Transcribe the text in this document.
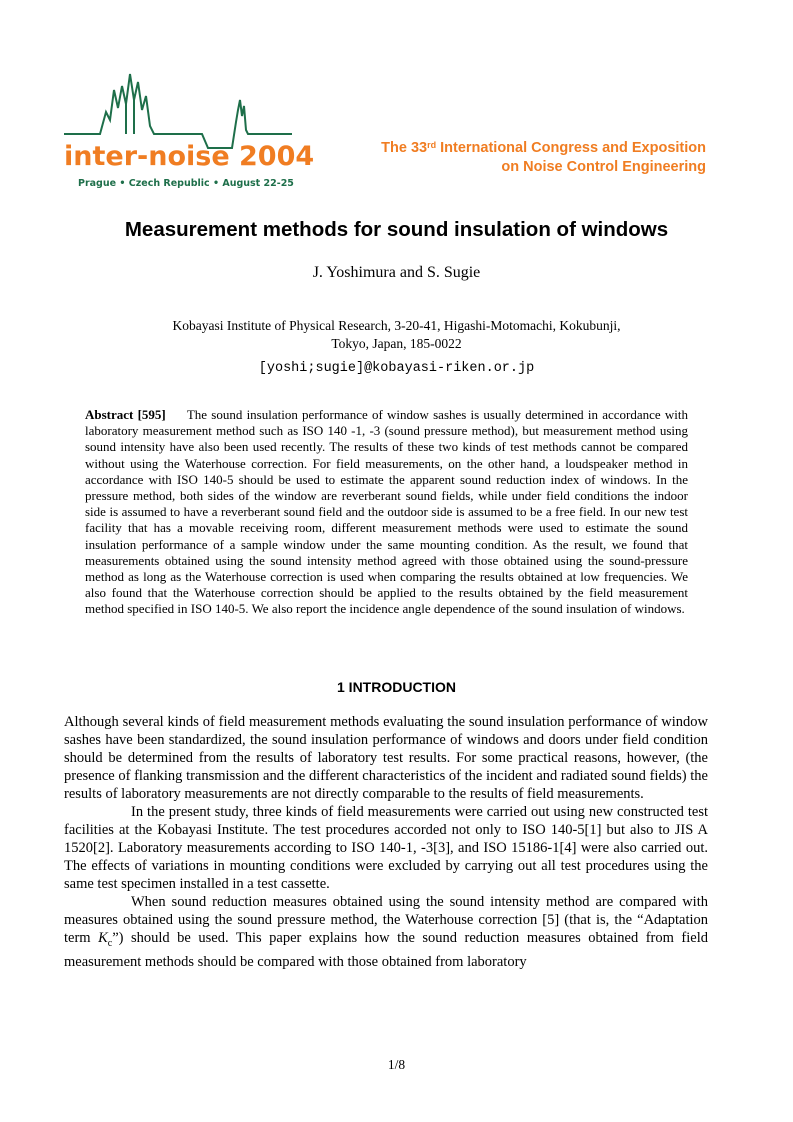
inter-noise 2004
Prague • Czech Republic • August 22-25
The 33rd International Congress and Exposition
on Noise Control Engineering
Measurement methods for sound insulation of windows
J. Yoshimura and S. Sugie
Kobayasi Institute of Physical Research, 3-20-41, Higashi-Motomachi, Kokubunji,
Tokyo, Japan, 185-0022
[yoshi;sugie]@kobayasi-riken.or.jp

Abstract [595] The sound insulation performance of window sashes is usually determined in accordance with laboratory measurement method such as ISO 140 -1, -3 (sound pressure method), but measurement method using sound intensity have also been used recently. The results of these two kinds of test methods cannot be compared without using the Waterhouse correction. For field measurements, on the other hand, a loudspeaker method in accordance with ISO 140-5 should be used to estimate the apparent sound reduction index of windows. In the pressure method, both sides of the window are reverberant sound fields, while under field conditions the indoor side is assumed to have a reverberant sound field and the outdoor side is assumed to be a free field. In our new test facility that has a movable receiving room, different measurement methods were used to estimate the sound insulation performance of a sample window under the same mounting condition. As the result, we found that measurements obtained using the sound intensity method agreed with those obtained using the sound-pressure method as long as the Waterhouse correction is used when comparing the results obtained at low frequencies. We also found that the Waterhouse correction should be applied to the results obtained by the field measurement method specified in ISO 140-5. We also report the incidence angle dependence of the sound insulation of windows.

1 INTRODUCTION

Although several kinds of field measurement methods evaluating the sound insulation performance of window sashes have been standardized, the sound insulation performance of windows and doors under field condition should be determined from the results of laboratory test results. For some practical reasons, however, (the presence of flanking transmission and the different characteristics of the incident and radiated sound fields) the results of laboratory measurements are not directly comparable to the results of field measurements.

In the present study, three kinds of field measurements were carried out using new constructed test facilities at the Kobayasi Institute. The test procedures accorded not only to ISO 140-5[1] but also to JIS A 1520[2]. Laboratory measurements according to ISO 140-1, -3[3], and ISO 15186-1[4] were also carried out. The effects of variations in mounting conditions were excluded by carrying out all test procedures using the same test specimen installed in a test cassette.

When sound reduction measures obtained using the sound intensity method are compared with measures obtained using the sound pressure method, the Waterhouse correction [5] (that is, the “Adaptation term $K_c$”) should be used. This paper explains how the sound reduction measures obtained from field measurement methods should be compared with those obtained from laboratory

1/8
